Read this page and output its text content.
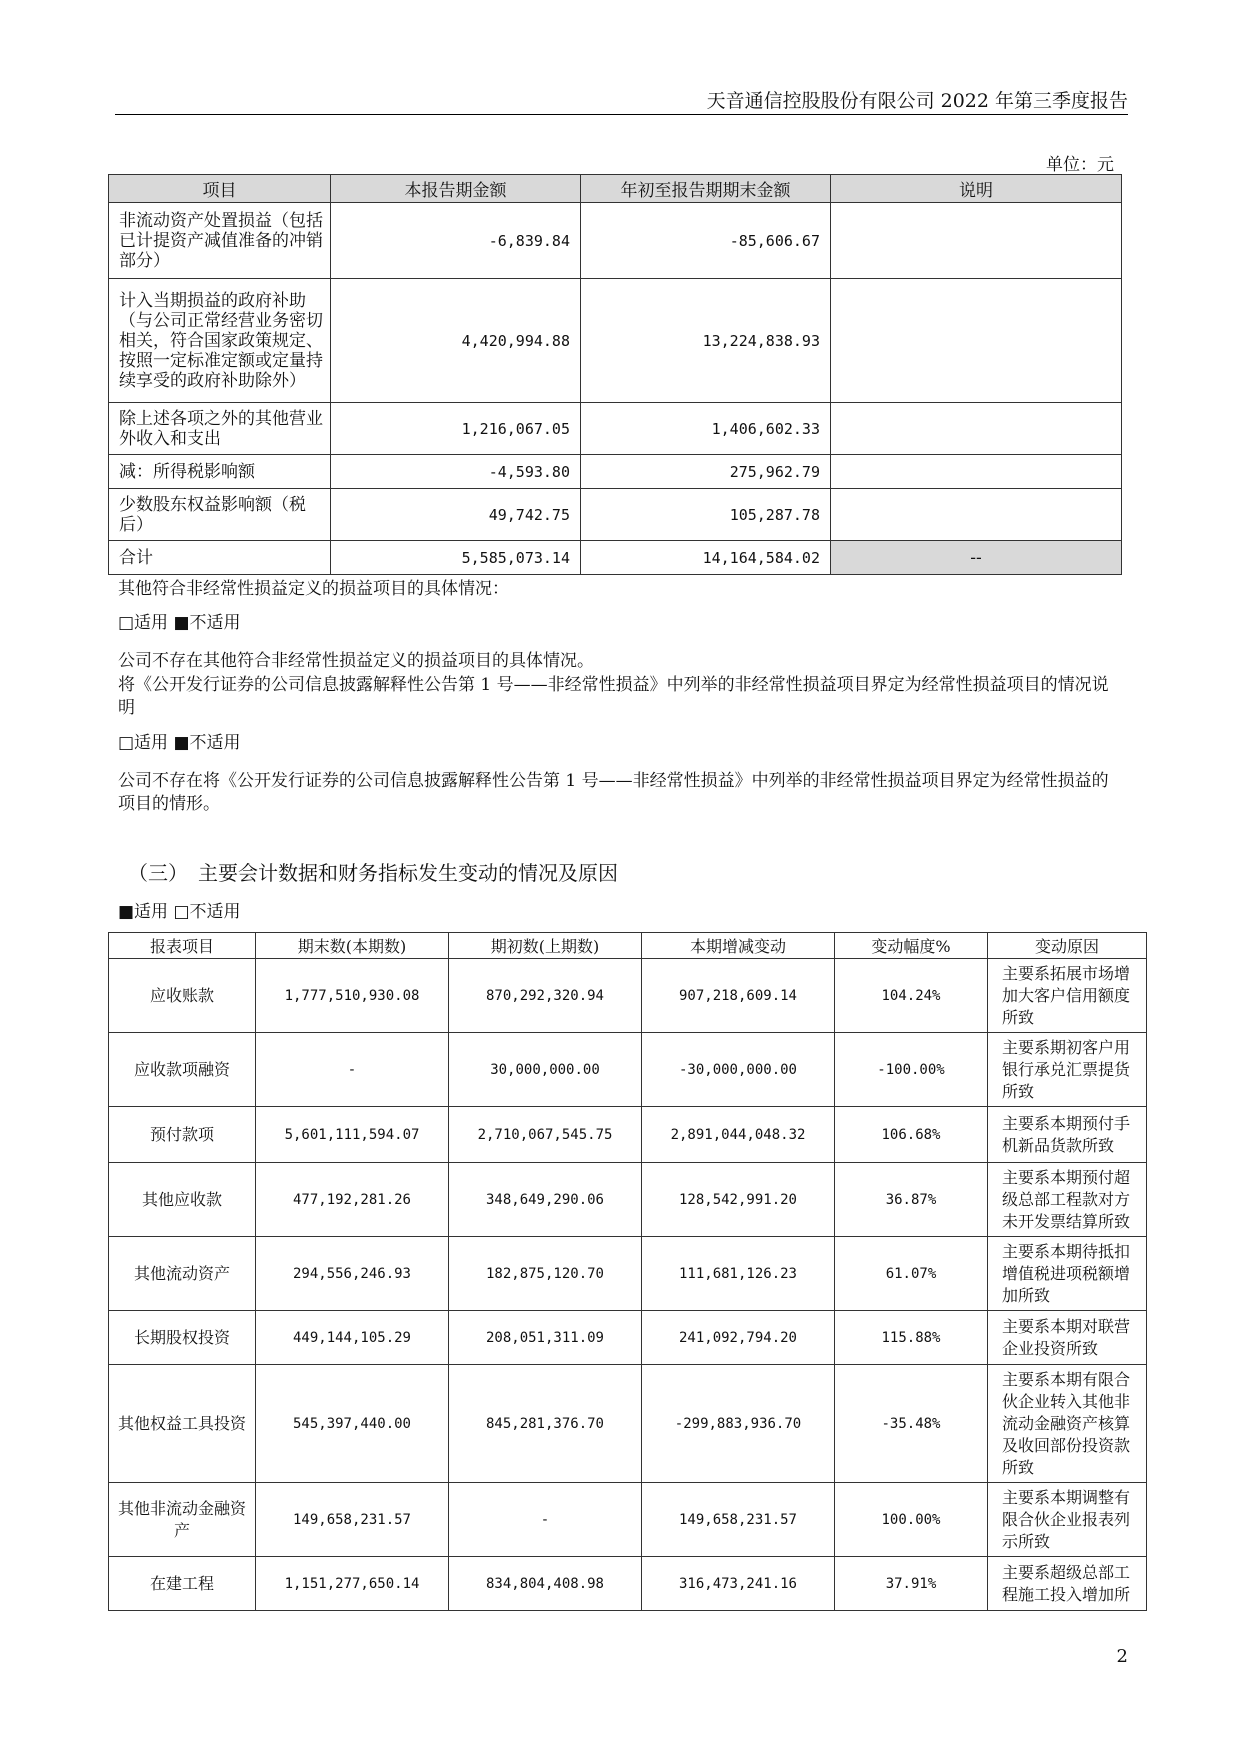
天音通信控股股份有限公司 2022 年第三季度报告
单位：元
项目	本报告期金额	年初至报告期期末金额	说明
非流动资产处置损益（包括已计提资产减值准备的冲销部分）	-6,839.84	-85,606.67	
计入当期损益的政府补助（与公司正常经营业务密切相关，符合国家政策规定、按照一定标准定额或定量持续享受的政府补助除外）	4,420,994.88	13,224,838.93	
除上述各项之外的其他营业外收入和支出	1,216,067.05	1,406,602.33	
减：所得税影响额	-4,593.80	275,962.79	
少数股东权益影响额（税后）	49,742.75	105,287.78	
合计	5,585,073.14	14,164,584.02	--
其他符合非经常性损益定义的损益项目的具体情况：
□适用 ■不适用
公司不存在其他符合非经常性损益定义的损益项目的具体情况。
将《公开发行证券的公司信息披露解释性公告第 1 号——非经常性损益》中列举的非经常性损益项目界定为经常性损益项目的情况说明
□适用 ■不适用
公司不存在将《公开发行证券的公司信息披露解释性公告第 1 号——非经常性损益》中列举的非经常性损益项目界定为经常性损益的项目的情形。
（三）　主要会计数据和财务指标发生变动的情况及原因
■适用 □不适用
报表项目	期末数(本期数)	期初数(上期数)	本期增减变动	变动幅度%	变动原因
应收账款	1,777,510,930.08	870,292,320.94	907,218,609.14	104.24%	主要系拓展市场增加大客户信用额度所致
应收款项融资	-	30,000,000.00	-30,000,000.00	-100.00%	主要系期初客户用银行承兑汇票提货所致
预付款项	5,601,111,594.07	2,710,067,545.75	2,891,044,048.32	106.68%	主要系本期预付手机新品货款所致
其他应收款	477,192,281.26	348,649,290.06	128,542,991.20	36.87%	主要系本期预付超级总部工程款对方未开发票结算所致
其他流动资产	294,556,246.93	182,875,120.70	111,681,126.23	61.07%	主要系本期待抵扣增值税进项税额增加所致
长期股权投资	449,144,105.29	208,051,311.09	241,092,794.20	115.88%	主要系本期对联营企业投资所致
其他权益工具投资	545,397,440.00	845,281,376.70	-299,883,936.70	-35.48%	主要系本期有限合伙企业转入其他非流动金融资产核算及收回部份投资款所致
其他非流动金融资产	149,658,231.57	-	149,658,231.57	100.00%	主要系本期调整有限合伙企业报表列示所致
在建工程	1,151,277,650.14	834,804,408.98	316,473,241.16	37.91%	主要系超级总部工程施工投入增加所
2
